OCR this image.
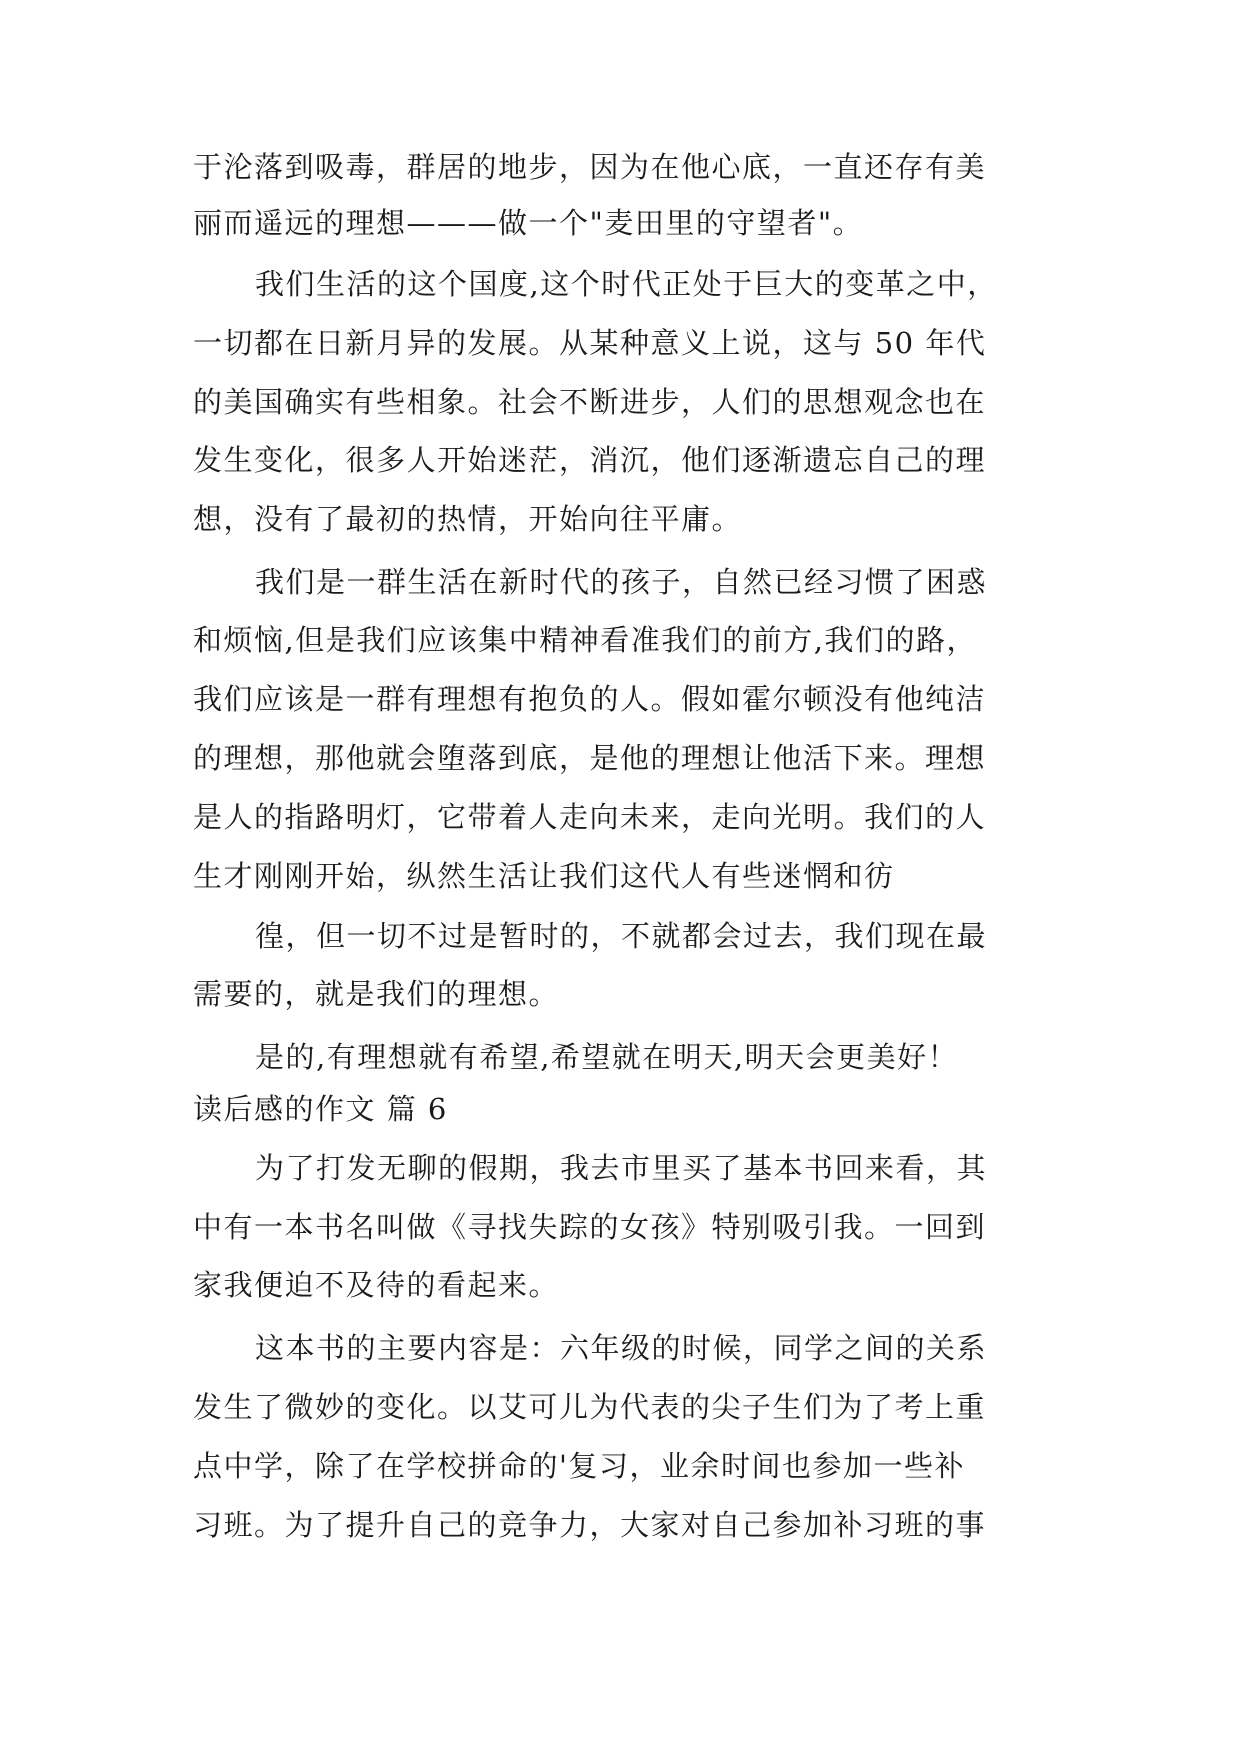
于沦落到吸毒，群居的地步，因为在他心底，一直还存有美
丽而遥远的理想———做一个"麦田里的守望者"。
我们生活的这个国度,这个时代正处于巨大的变革之中，
一切都在日新月异的发展。从某种意义上说，这与 50 年代
的美国确实有些相象。社会不断进步，人们的思想观念也在
发生变化，很多人开始迷茫，消沉，他们逐渐遗忘自己的理
想，没有了最初的热情，开始向往平庸。
我们是一群生活在新时代的孩子，自然已经习惯了困惑
和烦恼,但是我们应该集中精神看准我们的前方,我们的路，
我们应该是一群有理想有抱负的人。假如霍尔顿没有他纯洁
的理想，那他就会堕落到底，是他的理想让他活下来。理想
是人的指路明灯，它带着人走向未来，走向光明。我们的人
生才刚刚开始，纵然生活让我们这代人有些迷惘和彷
徨，但一切不过是暂时的，不就都会过去，我们现在最
需要的，就是我们的理想。
是的,有理想就有希望,希望就在明天,明天会更美好！
读后感的作文 篇 6
为了打发无聊的假期，我去市里买了基本书回来看，其
中有一本书名叫做《寻找失踪的女孩》特别吸引我。一回到
家我便迫不及待的看起来。
这本书的主要内容是：六年级的时候，同学之间的关系
发生了微妙的变化。以艾可儿为代表的尖子生们为了考上重
点中学，除了在学校拼命的'复习，业余时间也参加一些补
习班。为了提升自己的竞争力，大家对自己参加补习班的事
